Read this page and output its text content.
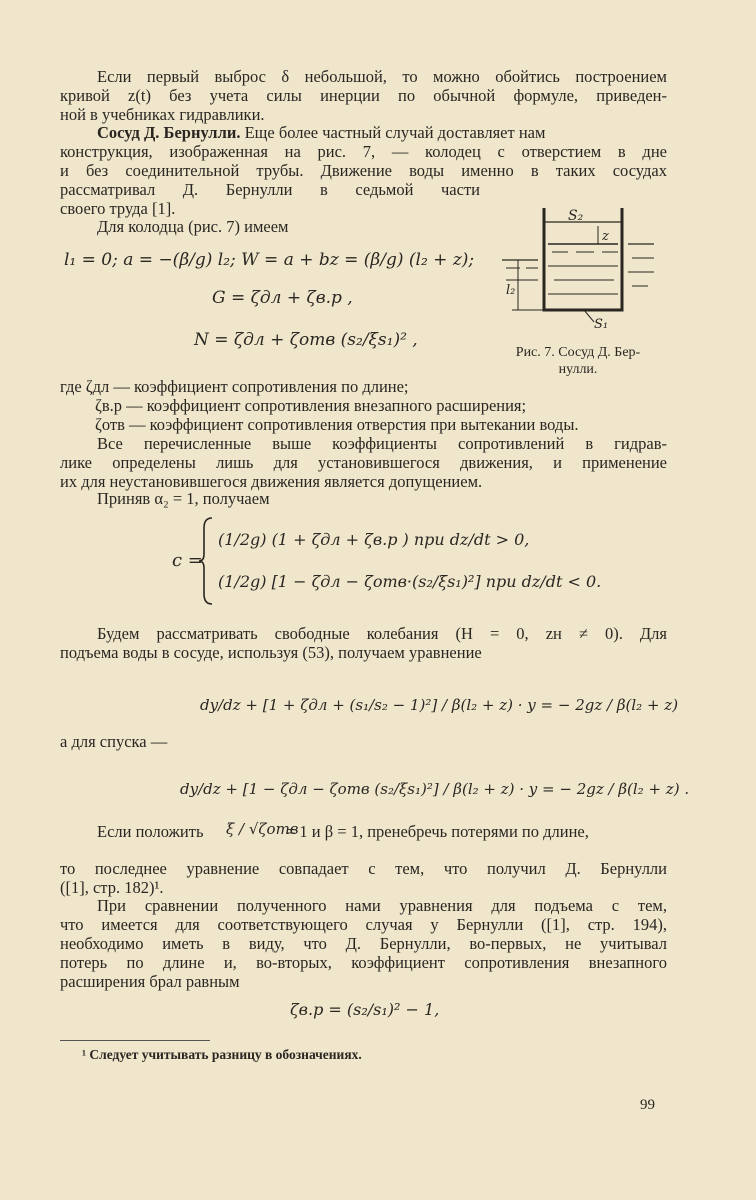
Если первый выброс δ небольшой, то можно обойтись построением
кривой z(t) без учета силы инерции по обычной формуле, приведен-
ной в учебниках гидравлики.
Сосуд Д. Бернулли. Еще более частный случай доставляет нам
конструкция, изображенная на рис. 7, — колодец с отверстием в дне
и без соединительной трубы. Движение воды именно в таких сосудах
рассматривал Д. Бернулли в седьмой части
своего труда [1].
Для колодца (рис. 7) имеем
l₁ = 0; a = −(β/g) l₂; W = a + bz = (β/g) (l₂ + z);
G = ζдл + ζв.р ,
N = ζдл + ζотв (s₂/ξs₁)² ,
S₂
z
l₂
S₁
Рис. 7. Сосуд Д. Бер-
нулли.
где ζдл — коэффициент сопротивления по длине;
ζв.р — коэффициент сопротивления внезапного расширения;
ζотв — коэффициент сопротивления отверстия при вытекании воды.
Все перечисленные выше коэффициенты сопротивлений в гидрав-
лике определены лишь для установившегося движения, и применение
их для неустановившегося движения является допущением.
Приняв α₂ = 1, получаем
c =
(1/2g) (1 + ζдл + ζв.р ) при dz/dt > 0,
(1/2g) [1 − ζдл − ζотв·(s₂/ξs₁)²] при dz/dt < 0.
Будем рассматривать свободные колебания (H = 0, zн ≠ 0). Для
подъема воды в сосуде, используя (53), получаем уравнение
dy/dz + [1 + ζдл + (s₁/s₂ − 1)²] / β(l₂ + z) · y = − 2gz / β(l₂ + z)
а для спуска —
dy/dz + [1 − ζдл − ζотв (s₂/ξs₁)²] / β(l₂ + z) · y = − 2gz / β(l₂ + z) .
Если положить ξ / √ζотв
= 1 и β = 1, пренебречь потерями по длине,
то последнее уравнение совпадает с тем, что получил Д. Бернулли
([1], стр. 182)¹.
При сравнении полученного нами уравнения для подъема с тем,
что имеется для соответствующего случая у Бернулли ([1], стр. 194),
необходимо иметь в виду, что Д. Бернулли, во-первых, не учитывал
потерь по длине и, во-вторых, коэффициент сопротивления внезапного
расширения брал равным
ζв.р = (s₂/s₁)² − 1,
¹ Следует учитывать разницу в обозначениях.
99
